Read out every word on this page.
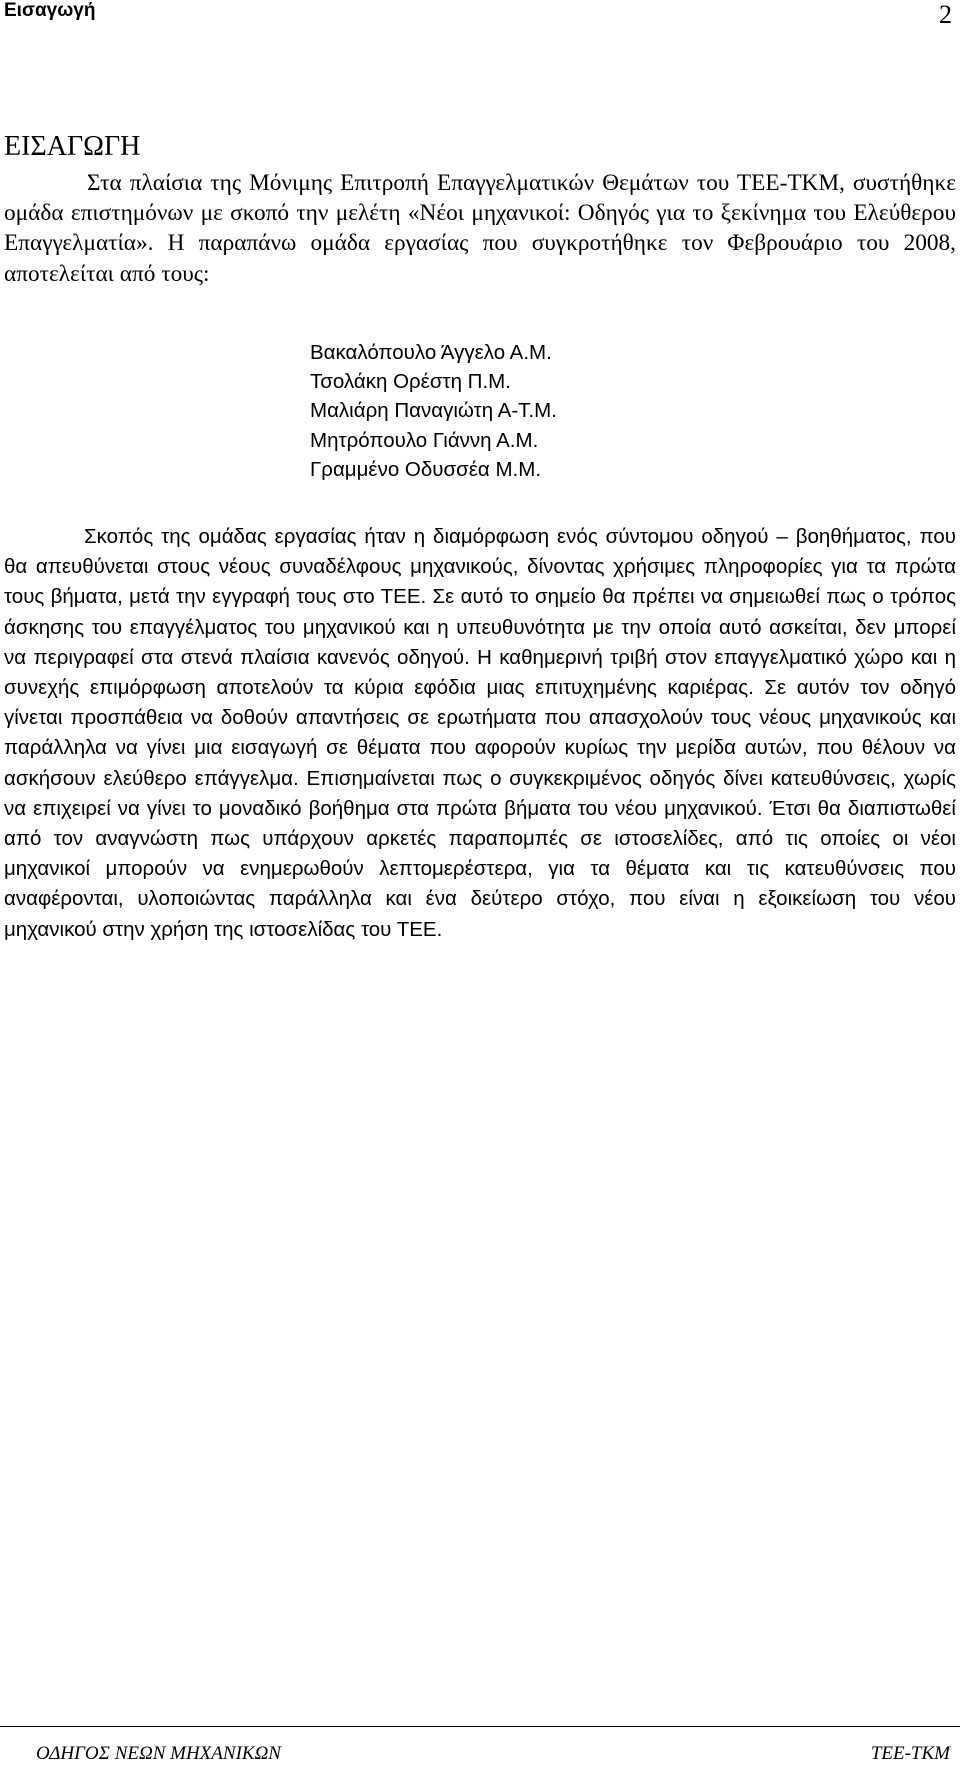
Εισαγωγή	2
ΕΙΣΑΓΩΓΗ

Στα πλαίσια της Μόνιμης Επιτροπή Επαγγελματικών Θεμάτων του ΤΕΕ-ΤΚΜ, συστήθηκε ομάδα επιστημόνων με σκοπό την μελέτη «Νέοι μηχανικοί: Οδηγός για το ξεκίνημα του Ελεύθερου Επαγγελματία». Η παραπάνω ομάδα εργασίας που συγκροτήθηκε τον Φεβρουάριο του 2008, αποτελείται από τους:

Βακαλόπουλο Άγγελο Α.Μ.
Τσολάκη Ορέστη Π.Μ.
Μαλιάρη Παναγιώτη Α-Τ.Μ.
Μητρόπουλο Γιάννη Α.Μ.
Γραμμένο Οδυσσέα Μ.Μ.

Σκοπός της ομάδας εργασίας ήταν η διαμόρφωση ενός σύντομου οδηγού – βοηθήματος, που θα απευθύνεται στους νέους συναδέλφους μηχανικούς, δίνοντας χρήσιμες πληροφορίες για τα πρώτα τους βήματα, μετά την εγγραφή τους στο ΤΕΕ. Σε αυτό το σημείο θα πρέπει να σημειωθεί πως ο τρόπος άσκησης του επαγγέλματος του μηχανικού και η υπευθυνότητα με την οποία αυτό ασκείται, δεν μπορεί να περιγραφεί στα στενά πλαίσια κανενός οδηγού. Η καθημερινή τριβή στον επαγγελματικό χώρο και η συνεχής επιμόρφωση αποτελούν τα κύρια εφόδια μιας επιτυχημένης καριέρας. Σε αυτόν τον οδηγό γίνεται προσπάθεια να δοθούν απαντήσεις σε ερωτήματα που απασχολούν τους νέους μηχανικούς και παράλληλα να γίνει μια εισαγωγή σε θέματα που αφορούν κυρίως την μερίδα αυτών, που θέλουν να ασκήσουν ελεύθερο επάγγελμα. Επισημαίνεται πως ο συγκεκριμένος οδηγός δίνει κατευθύνσεις, χωρίς να επιχειρεί να γίνει το μοναδικό βοήθημα στα πρώτα βήματα του νέου μηχανικού. Έτσι θα διαπιστωθεί από τον αναγνώστη πως υπάρχουν αρκετές παραπομπές σε ιστοσελίδες, από τις οποίες οι νέοι μηχανικοί μπορούν να ενημερωθούν λεπτομερέστερα, για τα θέματα και τις κατευθύνσεις που αναφέρονται, υλοποιώντας παράλληλα και ένα δεύτερο στόχο, που είναι η εξοικείωση του νέου μηχανικού στην χρήση της ιστοσελίδας του ΤΕΕ.

ΟΔΗΓΟΣ ΝΕΩΝ ΜΗΧΑΝΙΚΩΝ	ΤΕΕ-ΤΚΜ
